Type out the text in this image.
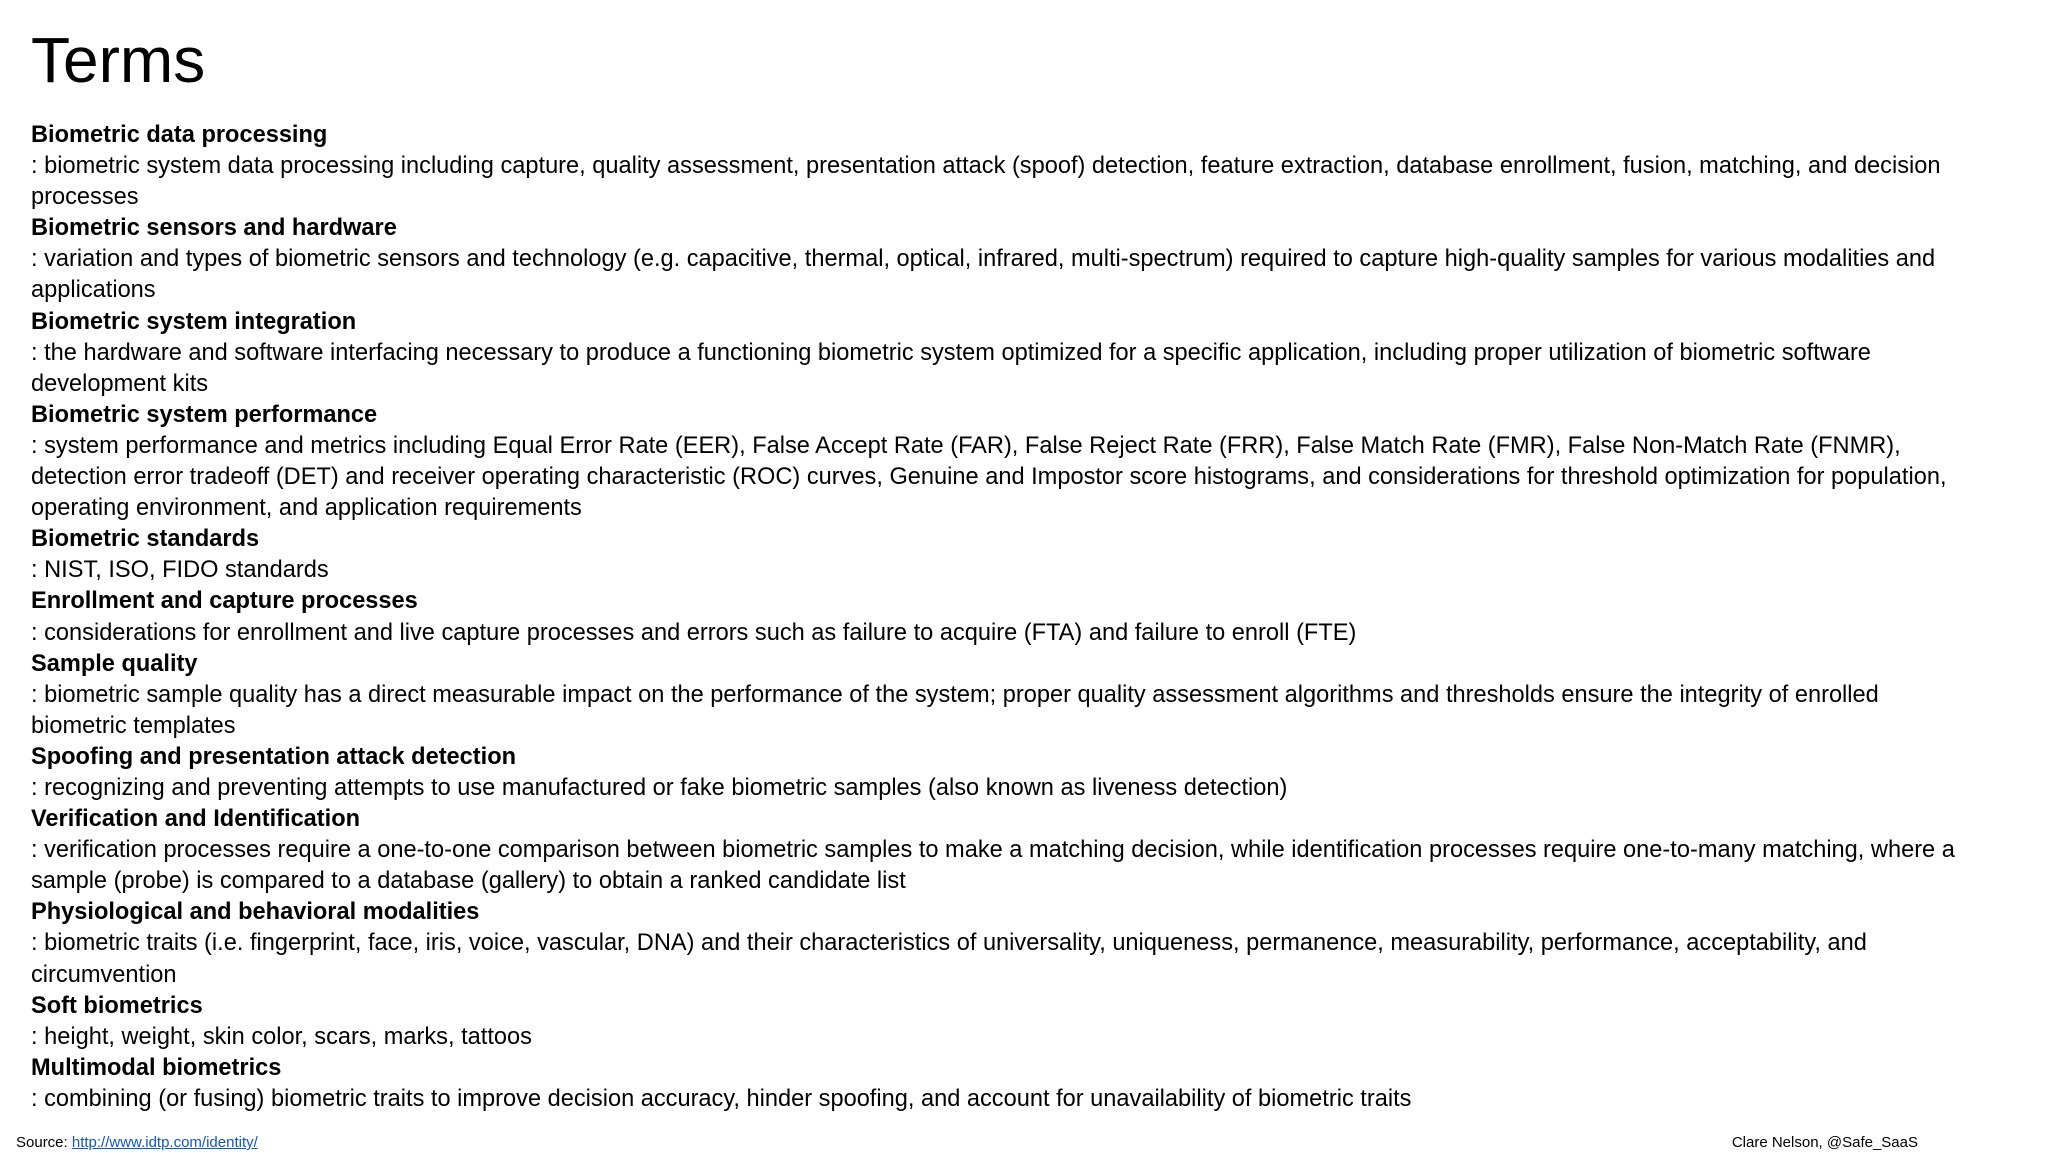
Terms
Biometric data processing
: biometric system data processing including capture, quality assessment, presentation attack (spoof) detection, feature extraction, database enrollment, fusion, matching, and decision processes
Biometric sensors and hardware
: variation and types of biometric sensors and technology (e.g. capacitive, thermal, optical, infrared, multi-spectrum) required to capture high-quality samples for various modalities and applications
Biometric system integration
: the hardware and software interfacing necessary to produce a functioning biometric system optimized for a specific application, including proper utilization of biometric software development kits
Biometric system performance
: system performance and metrics including Equal Error Rate (EER), False Accept Rate (FAR), False Reject Rate (FRR), False Match Rate (FMR), False Non-Match Rate (FNMR), detection error tradeoff (DET) and receiver operating characteristic (ROC) curves, Genuine and Impostor score histograms, and considerations for threshold optimization for population, operating environment, and application requirements
Biometric standards
: NIST, ISO, FIDO standards
Enrollment and capture processes
: considerations for enrollment and live capture processes and errors such as failure to acquire (FTA) and failure to enroll (FTE)
Sample quality
: biometric sample quality has a direct measurable impact on the performance of the system; proper quality assessment algorithms and thresholds ensure the integrity of enrolled biometric templates
Spoofing and presentation attack detection
: recognizing and preventing attempts to use manufactured or fake biometric samples (also known as liveness detection)
Verification and Identification
: verification processes require a one-to-one comparison between biometric samples to make a matching decision, while identification processes require one-to-many matching, where a sample (probe) is compared to a database (gallery) to obtain a ranked candidate list
Physiological and behavioral modalities
: biometric traits (i.e. fingerprint, face, iris, voice, vascular, DNA) and their characteristics of universality, uniqueness, permanence, measurability, performance, acceptability, and circumvention
Soft biometrics
: height, weight, skin color, scars, marks, tattoos
Multimodal biometrics
: combining (or fusing) biometric traits to improve decision accuracy, hinder spoofing, and account for unavailability of biometric traits
Source: http://www.idtp.com/identity/	Clare Nelson, @Safe_SaaS
